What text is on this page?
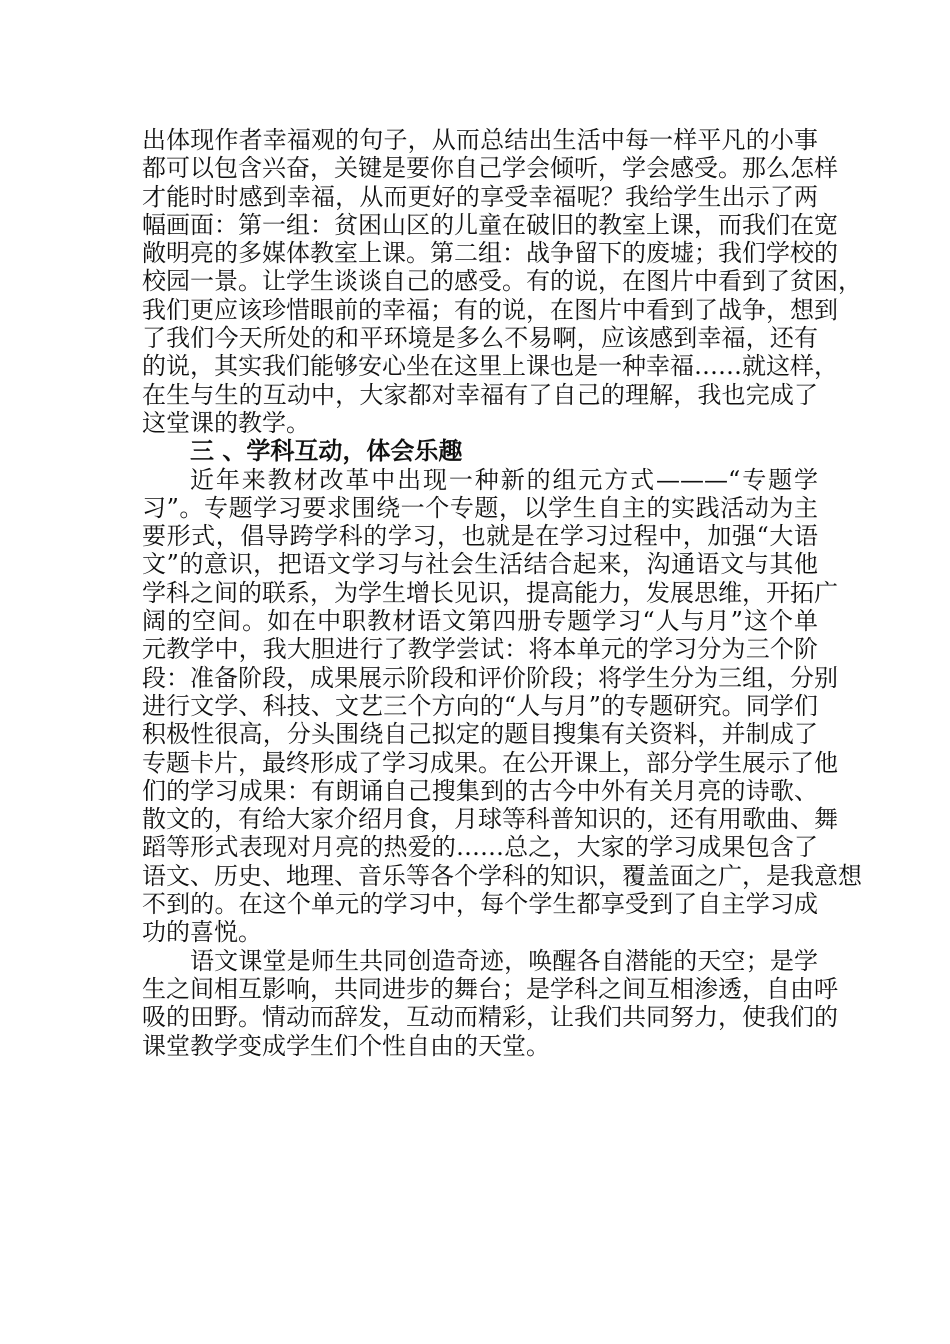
出体现作者幸福观的句子，从而总结出生活中每一样平凡的小事
都可以包含兴奋，关键是要你自己学会倾听，学会感受。那么怎样
才能时时感到幸福，从而更好的享受幸福呢？我给学生出示了两
幅画面：第一组：贫困山区的儿童在破旧的教室上课，而我们在宽
敞明亮的多媒体教室上课。第二组：战争留下的废墟；我们学校的
校园一景。让学生谈谈自己的感受。有的说，在图片中看到了贫困，
我们更应该珍惜眼前的幸福；有的说，在图片中看到了战争，想到
了我们今天所处的和平环境是多么不易啊，应该感到幸福，还有
的说，其实我们能够安心坐在这里上课也是一种幸福……就这样，
在生与生的互动中，大家都对幸福有了自己的理解，我也完成了
这堂课的教学。
三 、学科互动，体会乐趣
近年来教材改革中出现一种新的组元方式———“专题学
习”。专题学习要求围绕一个专题，以学生自主的实践活动为主
要形式，倡导跨学科的学习，也就是在学习过程中，加强“大语
文”的意识，把语文学习与社会生活结合起来，沟通语文与其他
学科之间的联系，为学生增长见识，提高能力，发展思维，开拓广
阔的空间。如在中职教材语文第四册专题学习“人与月”这个单
元教学中，我大胆进行了教学尝试：将本单元的学习分为三个阶
段：准备阶段，成果展示阶段和评价阶段；将学生分为三组，分别
进行文学、科技、文艺三个方向的“人与月”的专题研究。同学们
积极性很高，分头围绕自己拟定的题目搜集有关资料，并制成了
专题卡片，最终形成了学习成果。在公开课上，部分学生展示了他
们的学习成果：有朗诵自己搜集到的古今中外有关月亮的诗歌、
散文的，有给大家介绍月食，月球等科普知识的，还有用歌曲、舞
蹈等形式表现对月亮的热爱的……总之，大家的学习成果包含了
语文、历史、地理、音乐等各个学科的知识，覆盖面之广，是我意想
不到的。在这个单元的学习中，每个学生都享受到了自主学习成
功的喜悦。
语文课堂是师生共同创造奇迹，唤醒各自潜能的天空；是学
生之间相互影响，共同进步的舞台；是学科之间互相渗透，自由呼
吸的田野。情动而辞发，互动而精彩，让我们共同努力，使我们的
课堂教学变成学生们个性自由的天堂。
